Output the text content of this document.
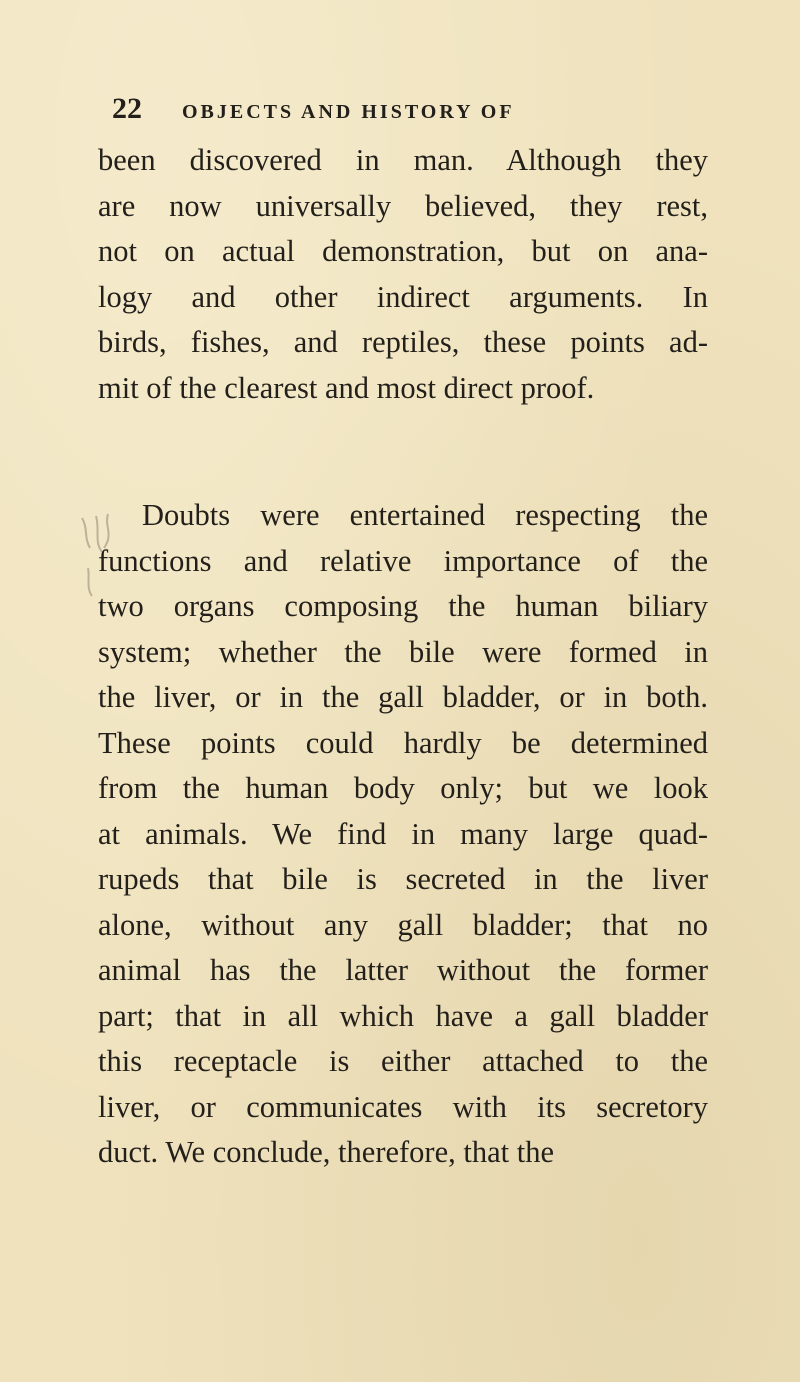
22 OBJECTS AND HISTORY OF
been discovered in man. Although they
are now universally believed, they rest,
not on actual demonstration, but on ana-
logy and other indirect arguments. In
birds, fishes, and reptiles, these points ad-
mit of the clearest and most direct proof.
Doubts were entertained respecting the
functions and relative importance of the
two organs composing the human biliary
system; whether the bile were formed in
the liver, or in the gall bladder, or in both.
These points could hardly be determined
from the human body only; but we look
at animals. We find in many large quad-
rupeds that bile is secreted in the liver
alone, without any gall bladder; that no
animal has the latter without the former
part; that in all which have a gall bladder
this receptacle is either attached to the
liver, or communicates with its secretory
duct. We conclude, therefore, that the
